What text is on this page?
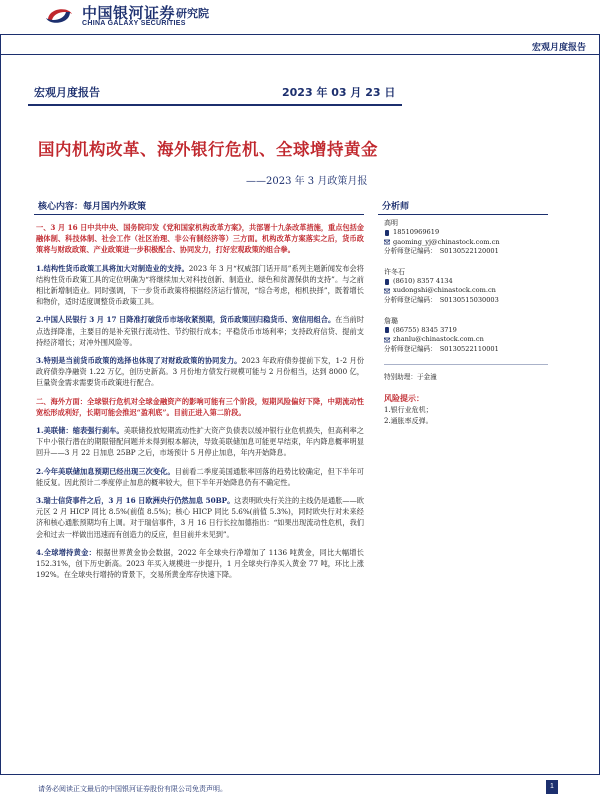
中国银河证券
CHINA GALAXY SECURITIES
研究院
宏观月度报告
宏观月度报告	2023 年 03 月 23 日
国内机构改革、海外银行危机、全球增持黄金
——2023 年 3 月政策月报
核心内容：每月国内外政策	分析师

一、3 月 16 日中共中央、国务院印发《党和国家机构改革方案》，共部署十九条改革措施，重点包括金融体制、科技体制、社会工作（社区治理、非公有制经济等）三方面。机构改革方案落实之后，货币政策将与财政政策、产业政策进一步积极配合、协同发力，打好宏观政策的组合拳。

1.结构性货币政策工具将加大对制造业的支持。2023 年 3 月“权威部门话开局”系列主题新闻发布会将结构性货币政策工具的定位明确为“将继续加大对科技创新、制造业、绿色和贫源保供的支持”。与之前相比新增制造业。同时强调，下一步货币政策将根据经济运行情况，“综合考虑，相机抉择”，既着增长和物价，适时适度调整货币政策工具。

2.中国人民银行 3 月 17 日降准打破货币市场收紧预期，货币政策回归稳货币、宽信用组合。在当前时点选择降准，主要目的是补充银行流动性、节约银行成本；平稳货币市场利率；支持政府信贷、提前支持经济增长；对冲外围风险等。

3.特别是当前货币政策的选择也体现了对财政政策的协同发力。2023 年政府债券提前下发，1-2 月份政府债券净融资 1.22 万亿，创历史新高。3 月份地方债发行规模可能与 2 月份相当，达到 8000 亿，巨量资金需求需要货币政策进行配合。

二、海外方面：全球银行危机对全球金融资产的影响可能有三个阶段，短期风险偏好下降，中期流动性宽松形成利好，长期可能会推迟“盈利底”。目前正进入第二阶段。

1.美联储：缩表强行刹车。美联储投放短期流动性扩大资产负债表以缓冲银行业危机损失，但高利率之下中小银行潜在的期限错配问题并未得到根本解决，导致美联储加息可能更早结束，年内降息概率明显回升——3 月 22 日加息 25BP 之后，市场预计 5 月停止加息，年内开始降息。

2.今年美联储加息预期已经出现三次变化。目前看二季度美国通胀率回落的趋势比较确定，但下半年可能反复。因此预计二季度停止加息的概率较大，但下半年开始降息仍有不确定性。

3.瑞士信贷事件之后，3 月 16 日欧洲央行仍然加息 50BP。这表明欧央行关注的主线仍是通胀——欧元区 2 月 HICP 同比 8.5%(前值 8.5%)；核心 HICP 同比 5.6%(前值 5.3%)，同时欧央行对未来经济和核心通胀预期均有上调。对于瑞信事件，3 月 16 日行长拉加德指出：“如果出现流动性危机，我们会和过去一样做出迅速而有创造力的反应，但目前并未见到”。

4.全球增持黄金：根据世界黄金协会数据，2022 年全球央行净增加了 1136 吨黄金，同比大幅增长 152.31%，创下历史新高。2023 年买入规模进一步提升，1 月全球央行净买入黄金 77 吨，环比上涨 192%。在全球央行增持的背景下，交易所黄金库存快速下降。

高明
18510969619
gaoming_yj@chinastock.com.cn
分析师登记编码： S0130522120001
许冬石
(8610) 8357 4134
xudongshi@chinastock.com.cn
分析师登记编码： S0130515030003
詹璐
(86755) 8345 3719
zhanlu@chinastock.com.cn
分析师登记编码： S0130522110001
特别助理：于金潼
风险提示：
1.银行业危机；
2.通胀率反弹。
请务必阅读正文最后的中国银河证券股份有限公司免责声明。	1
